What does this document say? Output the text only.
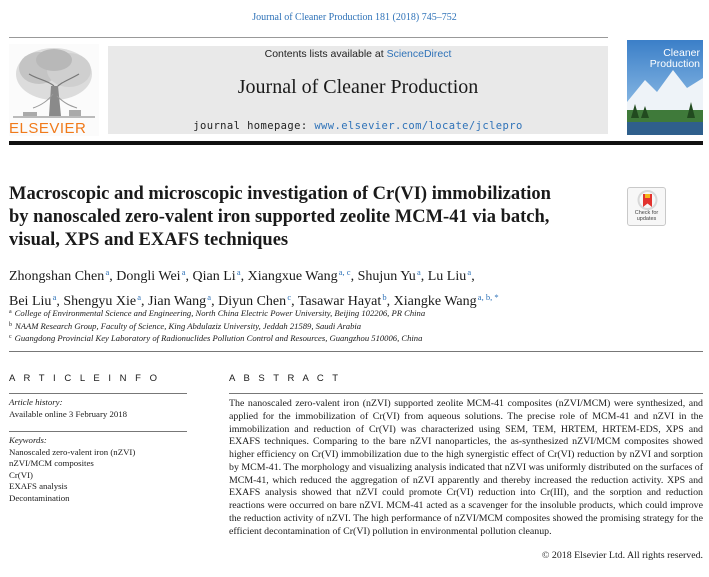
Journal of Cleaner Production 181 (2018) 745–752
ELSEVIER
Contents lists available at ScienceDirect
Journal of Cleaner Production
journal homepage: www.elsevier.com/locate/jclepro
Cleaner
Production
Macroscopic and microscopic investigation of Cr(VI) immobilization
by nanoscaled zero-valent iron supported zeolite MCM-41 via batch,
visual, XPS and EXAFS techniques
Check for
updates
Zhongshan Chen $^a$, Dongli Wei $^a$, Qian Li $^a$, Xiangxue Wang $^{a, c}$, Shujun Yu $^a$, Lu Liu $^a$,
Bei Liu $^a$, Shengyu Xie $^a$, Jian Wang $^a$, Diyun Chen $^c$, Tasawar Hayat $^b$, Xiangke Wang $^{a, b, *}$
$^a$ College of Environmental Science and Engineering, North China Electric Power University, Beijing 102206, PR China
$^b$ NAAM Research Group, Faculty of Science, King Abdulaziz University, Jeddah 21589, Saudi Arabia
$^c$ Guangdong Provincial Key Laboratory of Radionuclides Pollution Control and Resources, Guangzhou 510006, China
A R T I C L E I N F O	A B S T R A C T
Article history:
Available online 3 February 2018
Keywords:
Nanoscaled zero-valent iron (nZVI)
nZVI/MCM composites
Cr(VI)
EXAFS analysis
Decontamination

The nanoscaled zero-valent iron (nZVI) supported zeolite MCM-41 composites (nZVI/MCM) were synthesized, and applied for the immobilization of Cr(VI) from aqueous solutions. The precise role of MCM-41 and nZVI in the immobilization and reduction of Cr(VI) was characterized using SEM, TEM, HRTEM, HRTEM-EDS, XPS and EXAFS techniques. Comparing to the bare nZVI nanoparticles, the as-synthesized nZVI/MCM composites showed higher efficiency on Cr(VI) immobilization due to the high synergistic effect of Cr(VI) reduction by nZVI and sorption by MCM-41. The morphology and visualizing analysis indicated that nZVI was uniformly distributed on the surfaces of MCM-41, which reduced the aggregation of nZVI apparently and thereby increased the reduction activity. XPS and EXAFS analysis showed that nZVI could promote Cr(VI) reduction into Cr(III), and the sorption and reduction reactions were occurred on bare nZVI. MCM-41 acted as a scavenger for the insoluble products, which could improve the reduction activity of nZVI. The high performance of nZVI/MCM composites showed the promising strategy for the efficient decontamination of Cr(VI) pollution in environmental pollution cleanup.

© 2018 Elsevier Ltd. All rights reserved.
